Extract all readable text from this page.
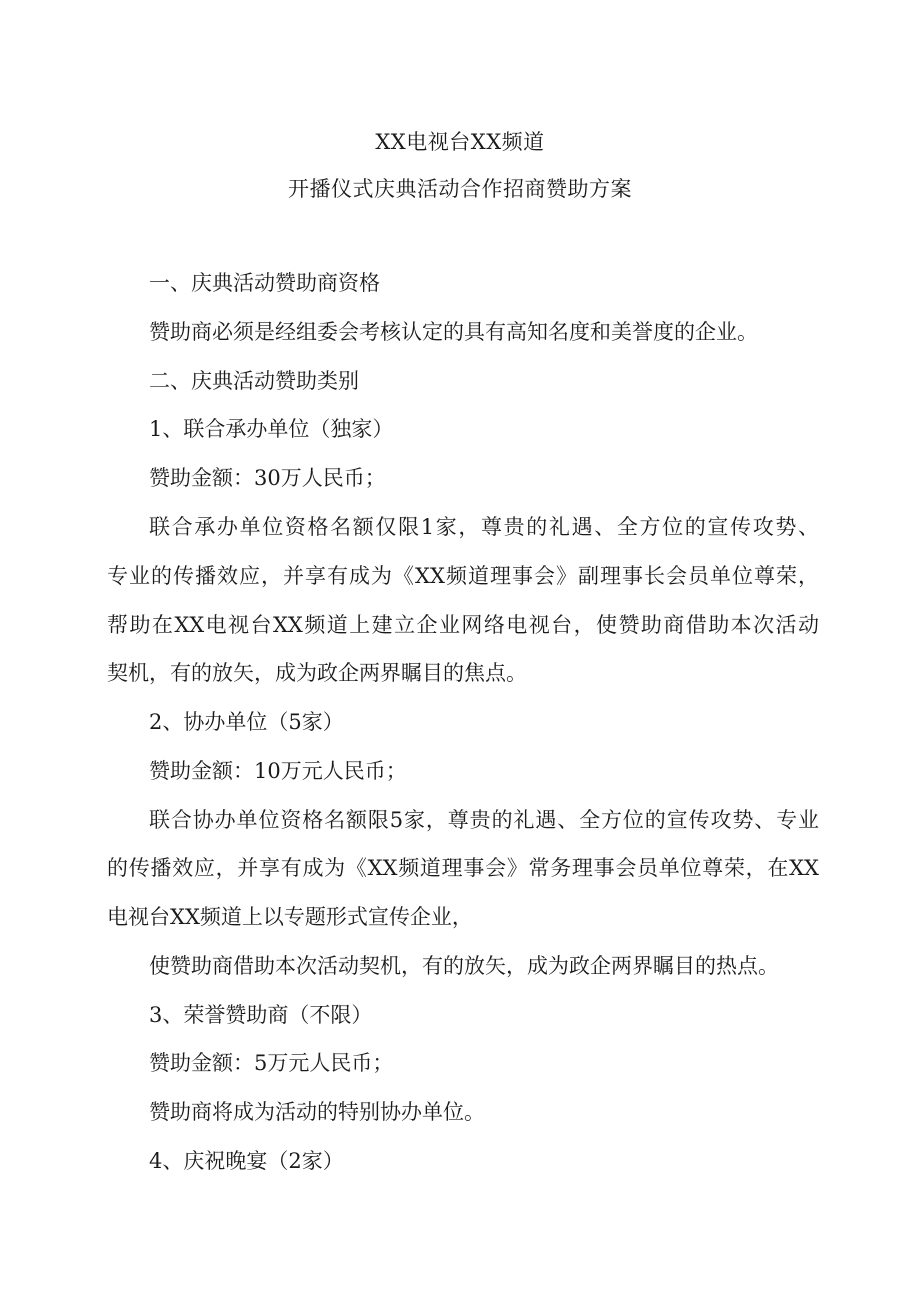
XX电视台XX频道
开播仪式庆典活动合作招商赞助方案
一、庆典活动赞助商资格
赞助商必须是经组委会考核认定的具有高知名度和美誉度的企业。
二、庆典活动赞助类别
1、联合承办单位（独家）
赞助金额：30万人民币；
联合承办单位资格名额仅限1家，尊贵的礼遇、全方位的宣传攻势、
专业的传播效应，并享有成为《XX频道理事会》副理事长会员单位尊荣，
帮助在XX电视台XX频道上建立企业网络电视台，使赞助商借助本次活动
契机，有的放矢，成为政企两界瞩目的焦点。
2、协办单位（5家）
赞助金额：10万元人民币；
联合协办单位资格名额限5家，尊贵的礼遇、全方位的宣传攻势、专业
的传播效应，并享有成为《XX频道理事会》常务理事会员单位尊荣，在XX
电视台XX频道上以专题形式宣传企业，
使赞助商借助本次活动契机，有的放矢，成为政企两界瞩目的热点。
3、荣誉赞助商（不限）
赞助金额：5万元人民币；
赞助商将成为活动的特别协办单位。
4、庆祝晚宴（2家）
